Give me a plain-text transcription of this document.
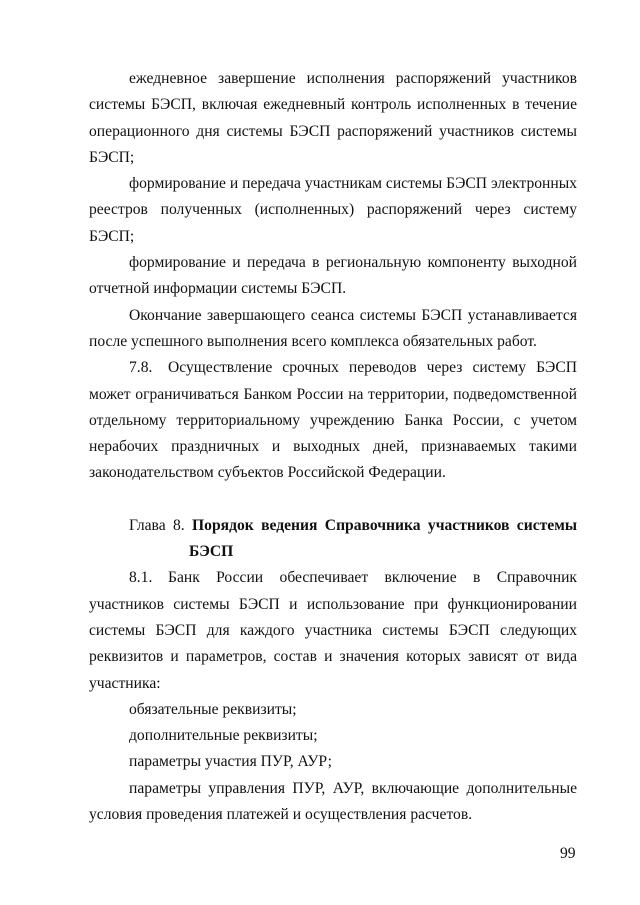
ежедневное завершение исполнения распоряжений участников системы БЭСП, включая ежедневный контроль исполненных в течение операционного дня системы БЭСП распоряжений участников системы БЭСП;

формирование и передача участникам системы БЭСП электронных реестров полученных (исполненных) распоряжений через систему БЭСП;

формирование и передача в региональную компоненту выходной отчетной информации системы БЭСП.

Окончание завершающего сеанса системы БЭСП устанавливается после успешного выполнения всего комплекса обязательных работ.

7.8. Осуществление срочных переводов через систему БЭСП может ограничиваться Банком России на территории, подведомственной отдельному территориальному учреждению Банка России, с учетом нерабочих праздничных и выходных дней, признаваемых такими законодательством субъектов Российской Федерации.

Глава 8. Порядок ведения Справочника участников системы
БЭСП

8.1. Банк России обеспечивает включение в Справочник участников системы БЭСП и использование при функционировании системы БЭСП для каждого участника системы БЭСП следующих реквизитов и параметров, состав и значения которых зависят от вида участника:

обязательные реквизиты;

дополнительные реквизиты;

параметры участия ПУР, АУР;

параметры управления ПУР, АУР, включающие дополнительные условия проведения платежей и осуществления расчетов.

99
